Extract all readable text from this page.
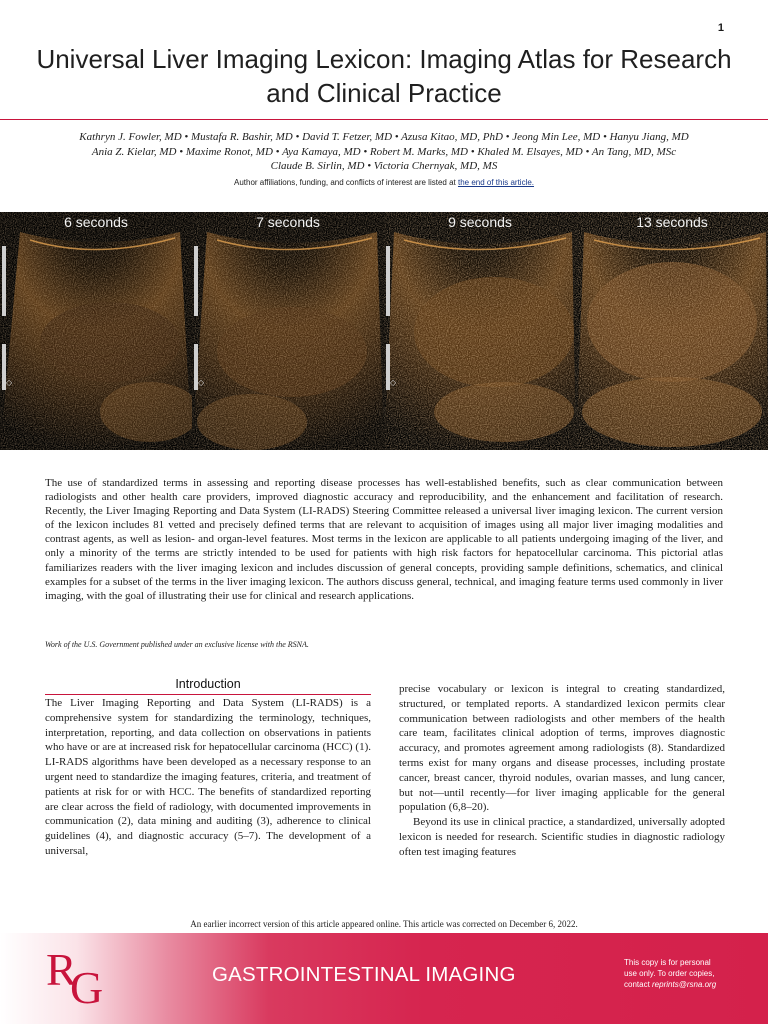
1
Universal Liver Imaging Lexicon: Imaging Atlas for Research and Clinical Practice
Kathryn J. Fowler, MD • Mustafa R. Bashir, MD • David T. Fetzer, MD • Azusa Kitao, MD, PhD • Jeong Min Lee, MD • Hanyu Jiang, MD
Ania Z. Kielar, MD • Maxime Ronot, MD • Aya Kamaya, MD • Robert M. Marks, MD • Khaled M. Elsayes, MD • An Tang, MD, MSc
Claude B. Sirlin, MD • Victoria Chernyak, MD, MS
Author affiliations, funding, and conflicts of interest are listed at the end of this article.
6 seconds
◇
7 seconds
◇
9 seconds
◇
13 seconds

The use of standardized terms in assessing and reporting disease processes has well-established benefits, such as clear communication between radiologists and other health care providers, improved diagnostic accuracy and reproducibility, and the enhancement and facilitation of research. Recently, the Liver Imaging Reporting and Data System (LI-RADS) Steering Committee released a universal liver imaging lexicon. The current version of the lexicon includes 81 vetted and precisely defined terms that are relevant to acquisition of images using all major liver imaging modalities and contrast agents, as well as lesion- and organ-level features. Most terms in the lexicon are applicable to all patients undergoing imaging of the liver, and only a minority of the terms are strictly intended to be used for patients with high risk factors for hepatocellular carcinoma. This pictorial atlas familiarizes readers with the liver imaging lexicon and includes discussion of general concepts, providing sample definitions, schematics, and clinical examples for a subset of the terms in the liver imaging lexicon. The authors discuss general, technical, and imaging feature terms used commonly in liver imaging, with the goal of illustrating their use for clinical and research applications.

Work of the U.S. Government published under an exclusive license with the RSNA.
Introduction

The Liver Imaging Reporting and Data System (LI-RADS) is a comprehensive system for standardizing the terminology, techniques, interpretation, reporting, and data collection on observations in patients who have or are at increased risk for hepatocellular carcinoma (HCC) (1). LI-RADS algorithms have been developed as a necessary response to an urgent need to standardize the imaging features, criteria, and treatment of patients at risk for or with HCC. The benefits of standardized reporting are clear across the field of radiology, with documented improvements in communication (2), data mining and auditing (3), adherence to clinical guidelines (4), and diagnostic accuracy (5–7). The development of a universal,

precise vocabulary or lexicon is integral to creating standardized, structured, or templated reports. A standardized lexicon permits clear communication between radiologists and other members of the health care team, facilitates clinical adoption of terms, improves diagnostic accuracy, and promotes agreement among radiologists (8). Standardized terms exist for many organs and disease processes, including prostate cancer, breast cancer, thyroid nodules, ovarian masses, and lung cancer, but not—until recently—for liver imaging applicable for the general population (6,8–20).

Beyond its use in clinical practice, a standardized, universally adopted lexicon is needed for research. Scientific studies in diagnostic radiology often test imaging features

An earlier incorrect version of this article appeared online. This article was corrected on December 6, 2022.
R
G	GASTROINTESTINAL IMAGING
This copy is for personal
use only. To order copies,
contact reprints@rsna.org
